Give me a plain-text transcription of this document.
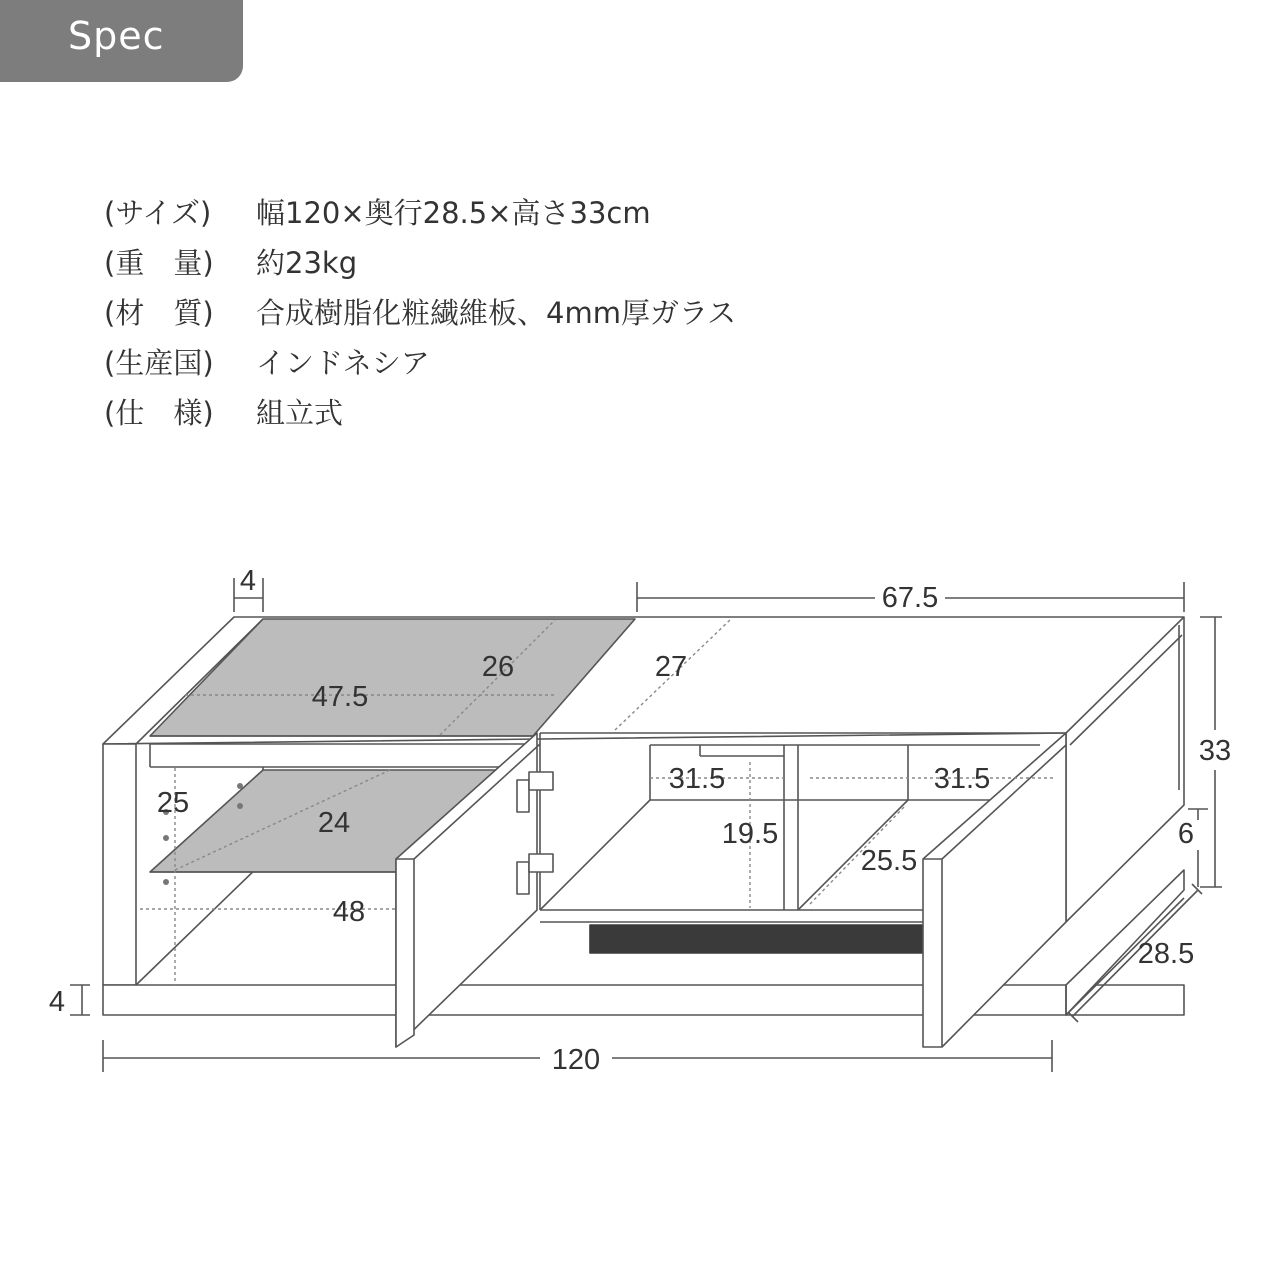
Spec
(サイズ)幅120×奥行28.5×高さ33cm
(重　量) 約23kg
(材　質) 合成樹脂化粧繊維板、4mm厚ガラス
(生産国) インドネシア
(仕　様) 組立式
4
67.5
26	27
47.5
33
31.5	31.5
25
24	19.5	6
25.5
48
28.5
4
120
